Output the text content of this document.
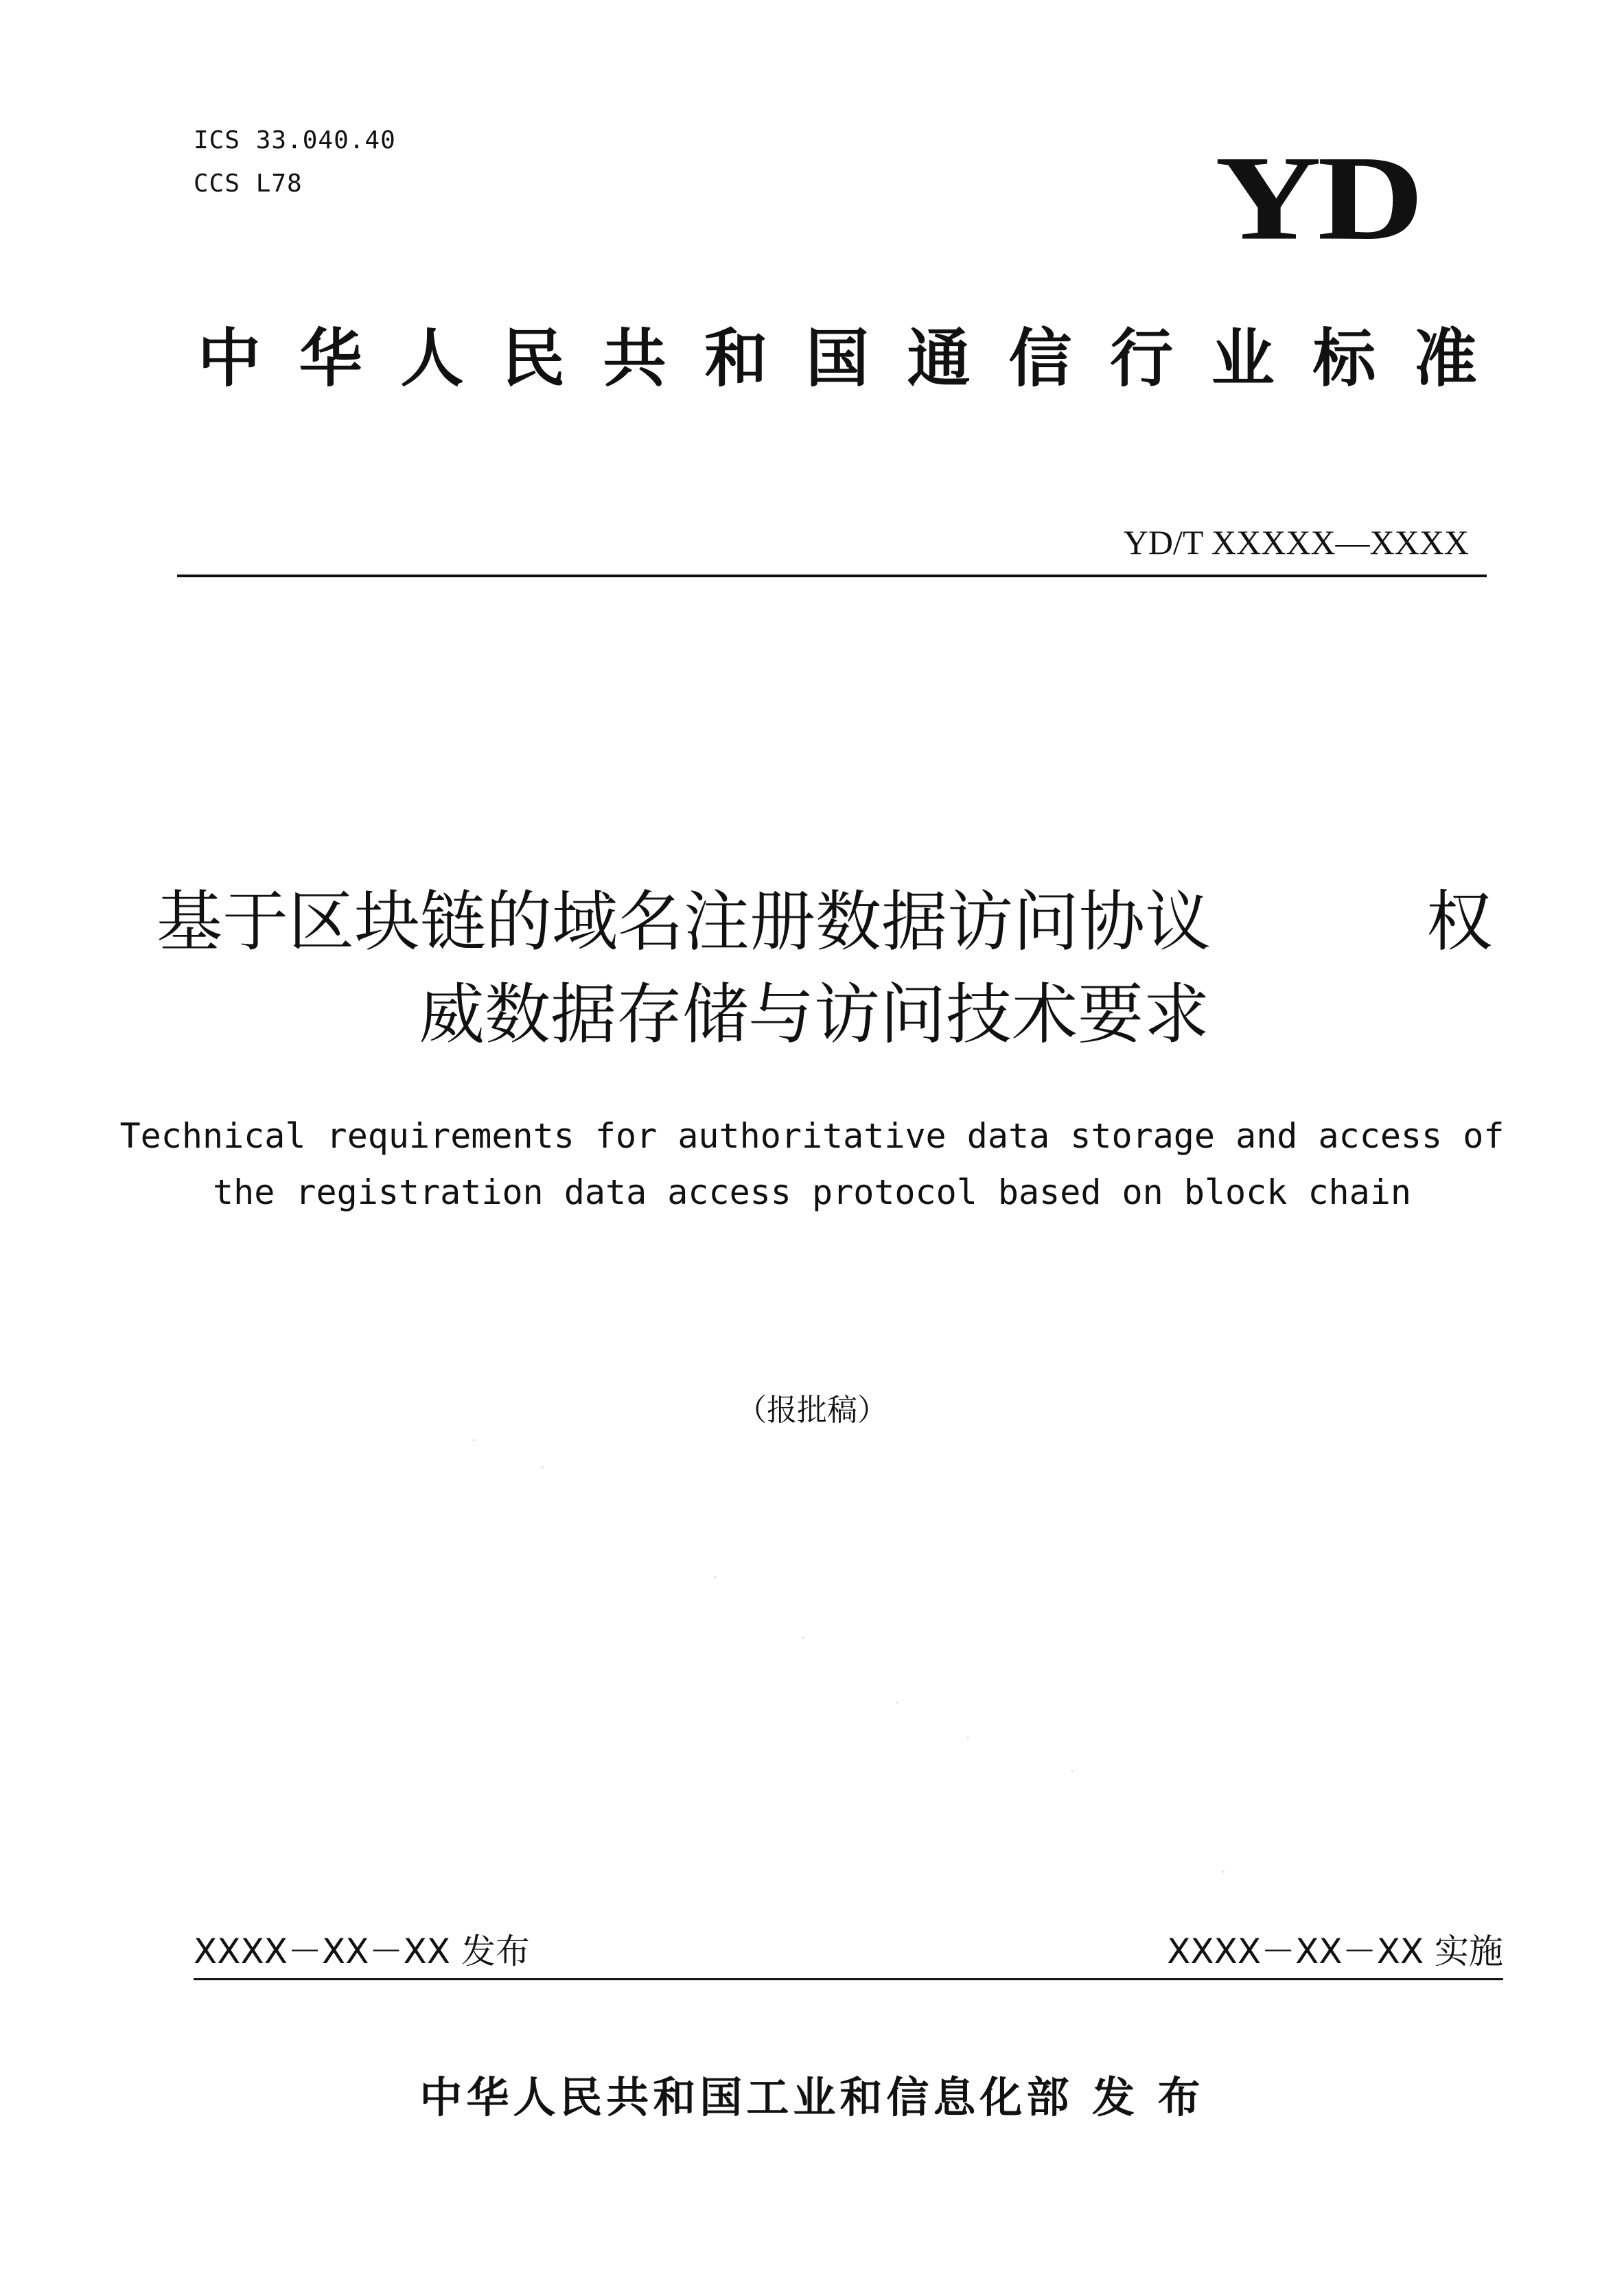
ICS 33.040.40

CCS L78	YD
中华人民共和国通信行业标准
YD/T XXXXX—XXXX
基于区块链的域名注册数据访问协议	权
威数据存储与访问技术要求
Technical requirements for authoritative data storage and access of
the registration data access protocol based on block chain
（报批稿）
XXXX－XX－XX 发布	XXXX－XX－XX 实施
中华人民共和国工业和信息化部 发 布
